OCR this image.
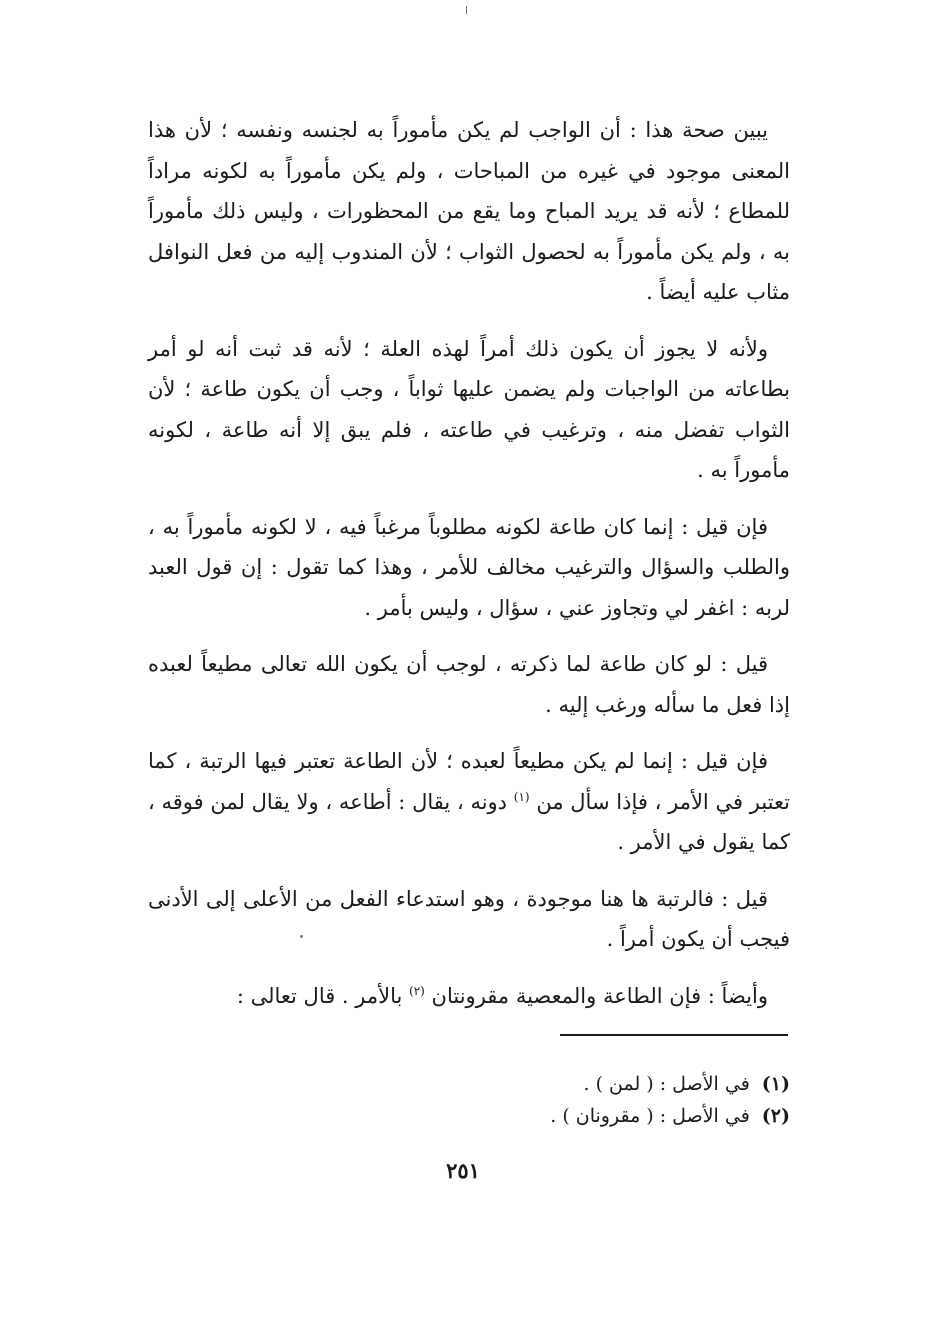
يبين صحة هذا : أن الواجب لم يكن مأموراً به لجنسه ونفسه ؛ لأن هذا المعنى موجود في غيره من المباحات ، ولم يكن مأموراً به لكونه مراداً للمطاع ؛ لأنه قد يريد المباح وما يقع من المحظورات ، وليس ذلك مأموراً به ، ولم يكن مأموراً به لحصول الثواب ؛ لأن المندوب إليه من فعل النوافل مثاب عليه أيضاً .

ولأنه لا يجوز أن يكون ذلك أمراً لهذه العلة ؛ لأنه قد ثبت أنه لو أمر بطاعاته من الواجبات ولم يضمن عليها ثواباً ، وجب أن يكون طاعة ؛ لأن الثواب تفضل منه ، وترغيب في طاعته ، فلم يبق إلا أنه طاعة ، لكونه مأموراً به .

فإن قيل : إنما كان طاعة لكونه مطلوباً مرغباً فيه ، لا لكونه مأموراً به ، والطلب والسؤال والترغيب مخالف للأمر ، وهذا كما تقول : إن قول العبد لربه : اغفر لي وتجاوز عني ، سؤال ، وليس بأمر .

قيل : لو كان طاعة لما ذكرته ، لوجب أن يكون الله تعالى مطيعاً لعبده إذا فعل ما سأله ورغب إليه .

فإن قيل : إنما لم يكن مطيعاً لعبده ؛ لأن الطاعة تعتبر فيها الرتبة ، كما تعتبر في الأمر ، فإذا سأل من $^{(١)}$ دونه ، يقال : أطاعه ، ولا يقال لمن فوقه ، كما يقول في الأمر .

قيل : فالرتبة ها هنا موجودة ، وهو استدعاء الفعل من الأعلى إلى الأدنى فيجب أن يكون أمراً .

وأيضاً : فإن الطاعة والمعصية مقرونتان $^{(٢)}$ بالأمر . قال تعالى :

(١)في الأصل : ( لمن ) .

(٢)في الأصل : ( مقرونان ) .

٢٥١
